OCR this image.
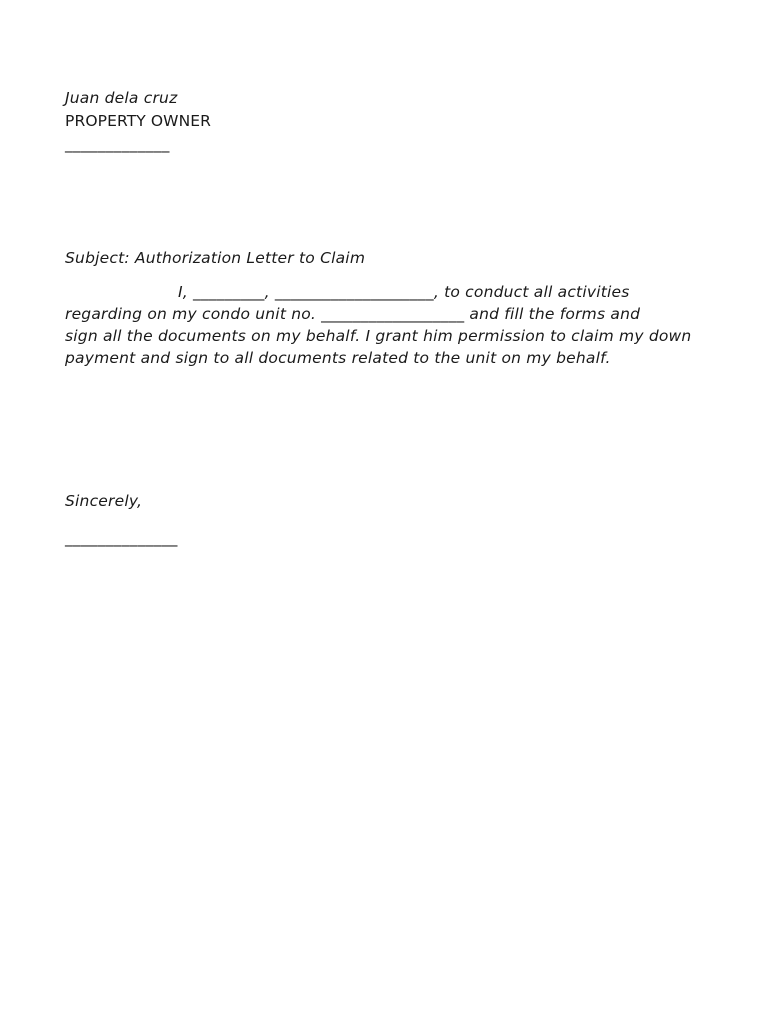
Juan dela cruz
PROPERTY OWNER
_____________
Subject: Authorization Letter to Claim
I, _________, ____________________, to conduct all activities
regarding on my condo unit no. __________________ and fill the forms and
sign all the documents on my behalf. I grant him permission to claim my down
payment and sign to all documents related to the unit on my behalf.
Sincerely,
______________
